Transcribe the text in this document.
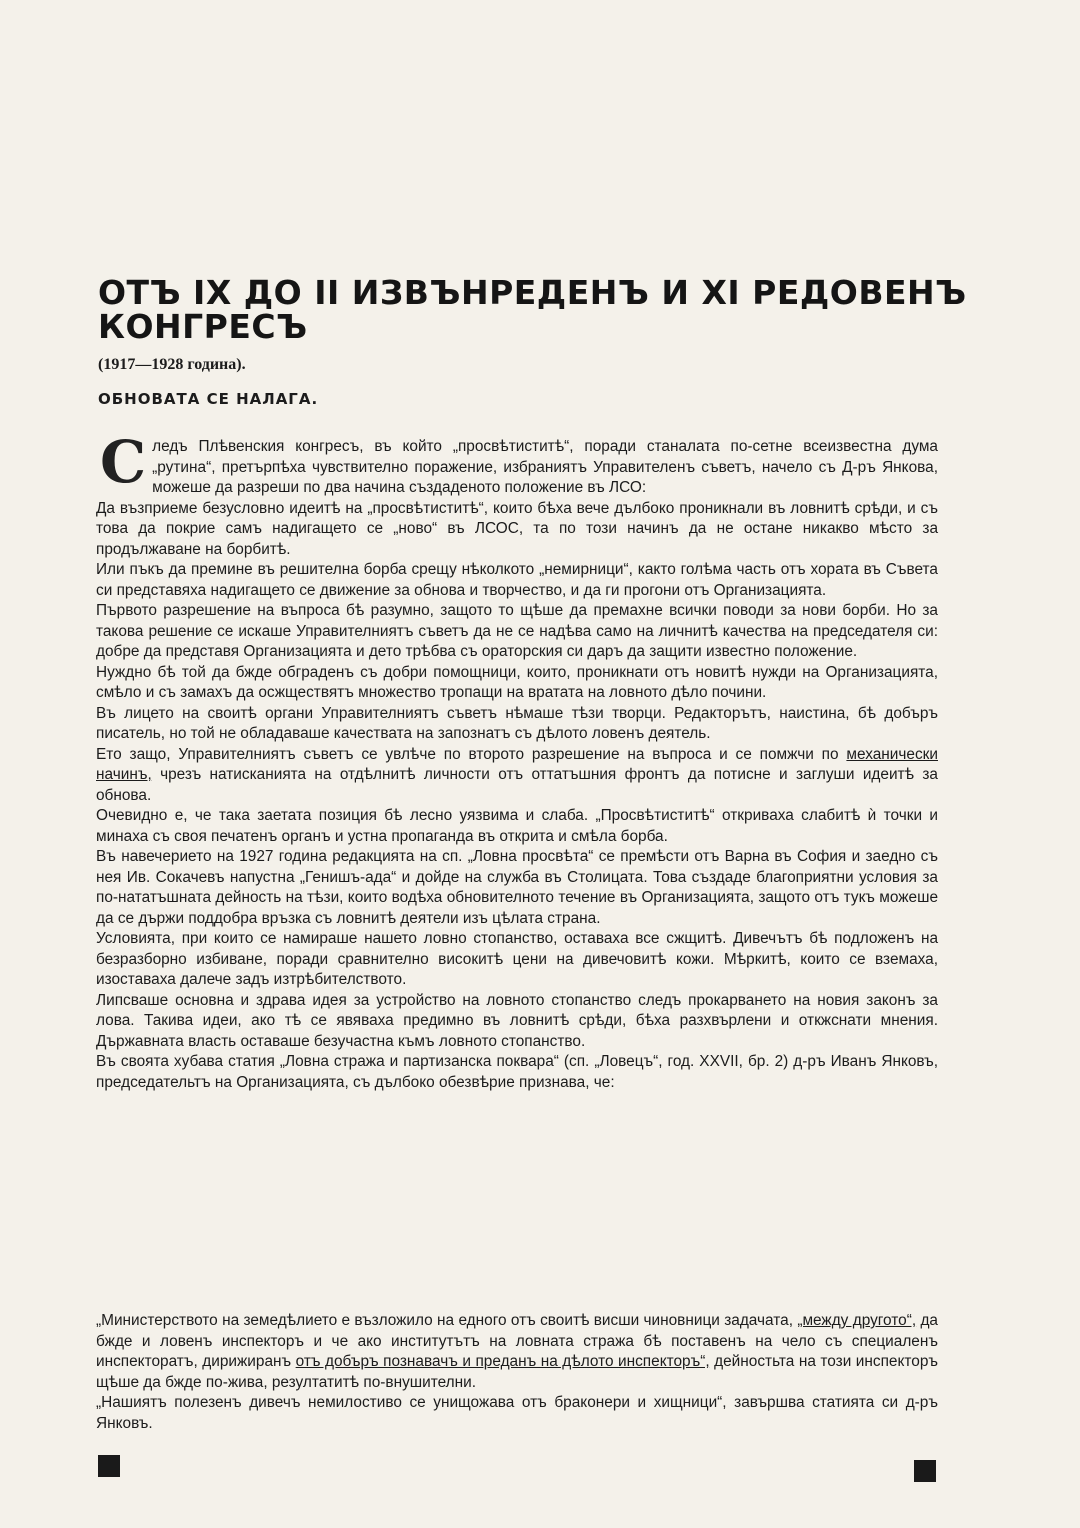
ОТЪ IX ДО II ИЗВЪНРЕДЕНЪ И XI РЕДОВЕНЪ
КОНГРЕСЪ
(1917—1928 година).
ОБНОВАТА СЕ НАЛАГА.

Следъ Плѣвенския конгресъ, въ който „просвѣтиститѣ“, поради станалата по-сетне всеизвестна дума „рутина“, претърпѣха чувствително поражение, избраниятъ Управителенъ съветъ, начело съ Д-ръ Янкова, можеше да разреши по два начина създаденото положение въ ЛСО:

Да възприеме безусловно идеитѣ на „просвѣтиститѣ“, които бѣха вече дълбоко проникнали въ ловнитѣ срѣди, и съ това да покрие самъ надигащето се „ново“ въ ЛСОС, та по този начинъ да не остане никакво мѣсто за продължаване на борбитѣ.

Или пъкъ да премине въ решителна борба срещу нѣколкото „немирници“, както голѣма часть отъ хората въ Съвета си представяха надигащето се движение за обнова и творчество, и да ги прогони отъ Организацията.

Първото разрешение на въпроса бѣ разумно, защото то щѣше да премахне всички поводи за нови борби. Но за такова решение се искаше Управителниятъ съветъ да не се надѣва само на личнитѣ качества на председателя си: добре да представя Организацията и дето трѣбва съ ораторския си даръ да защити известно положение.

Нуждно бѣ той да бжде обграденъ съ добри помощници, които, проникнати отъ новитѣ нужди на Организацията, смѣло и съ замахъ да осжществятъ множество тропащи на вратата на ловното дѣло почини.

Въ лицето на своитѣ органи Управителниятъ съветъ нѣмаше тѣзи творци. Редакторътъ, наистина, бѣ добъръ писатель, но той не обладаваше качествата на запознатъ съ дѣлото ловенъ деятель.

Ето защо, Управителниятъ съветъ се увлѣче по второто разрешение на въпроса и се помжчи по механически начинъ, чрезъ натисканията на отдѣлнитѣ личности отъ оттатъшния фронтъ да потисне и заглуши идеитѣ за обнова.

Очевидно е, че така заетата позиция бѣ лесно уязвима и слаба. „Просвѣтиститѣ“ откриваха слабитѣ ѝ точки и минаха съ своя печатенъ органъ и устна пропаганда въ открита и смѣла борба.

Въ навечерието на 1927 година редакцията на сп. „Ловна просвѣта“ се премѣсти отъ Варна въ София и заедно съ нея Ив. Сокачевъ напустна „Генишъ-ада“ и дойде на служба въ Столицата. Това създаде благоприятни условия за по-нататъшната дейность на тѣзи, които водѣха обновителното течение въ Организацията, защото отъ тукъ можеше да се държи поддобра връзка съ ловнитѣ деятели изъ цѣлата страна.

Условията, при които се намираше нашето ловно стопанство, оставаха все сжщитѣ. Дивечътъ бѣ подложенъ на безразборно избиване, поради сравнително високитѣ цени на дивечовитѣ кожи. Мѣркитѣ, които се вземаха, изоставаха далече задъ изтрѣбителството.

Липсваше основна и здрава идея за устройство на ловното стопанство следъ прокарването на новия законъ за лова. Такива идеи, ако тѣ се явяваха предимно въ ловнитѣ срѣди, бѣха разхвърлени и откжснати мнения. Държавната власть оставаше безучастна къмъ ловното стопанство.

Въ своята хубава статия „Ловна стража и партизанска поквара“ (сп. „Ловецъ“, год. XXVII, бр. 2) д-ръ Иванъ Янковъ, председательтъ на Организацията, съ дълбоко обезвѣрие признава, че:

„Министерството на земедѣлието е възложило на едного отъ своитѣ висши чиновници задачата, „между другото“, да бжде и ловенъ инспекторъ и че ако институтътъ на ловната стража бѣ поставенъ на чело съ специаленъ инспекторатъ, дирижиранъ отъ добъръ познавачъ и преданъ на дѣлото инспекторъ“, дейностьта на този инспекторъ щѣше да бжде по-жива, резултатитѣ по-внушителни.

„Нашиятъ полезенъ дивечъ немилостиво се унищожава отъ браконери и хищници“, завършва статията си д-ръ Янковъ.
